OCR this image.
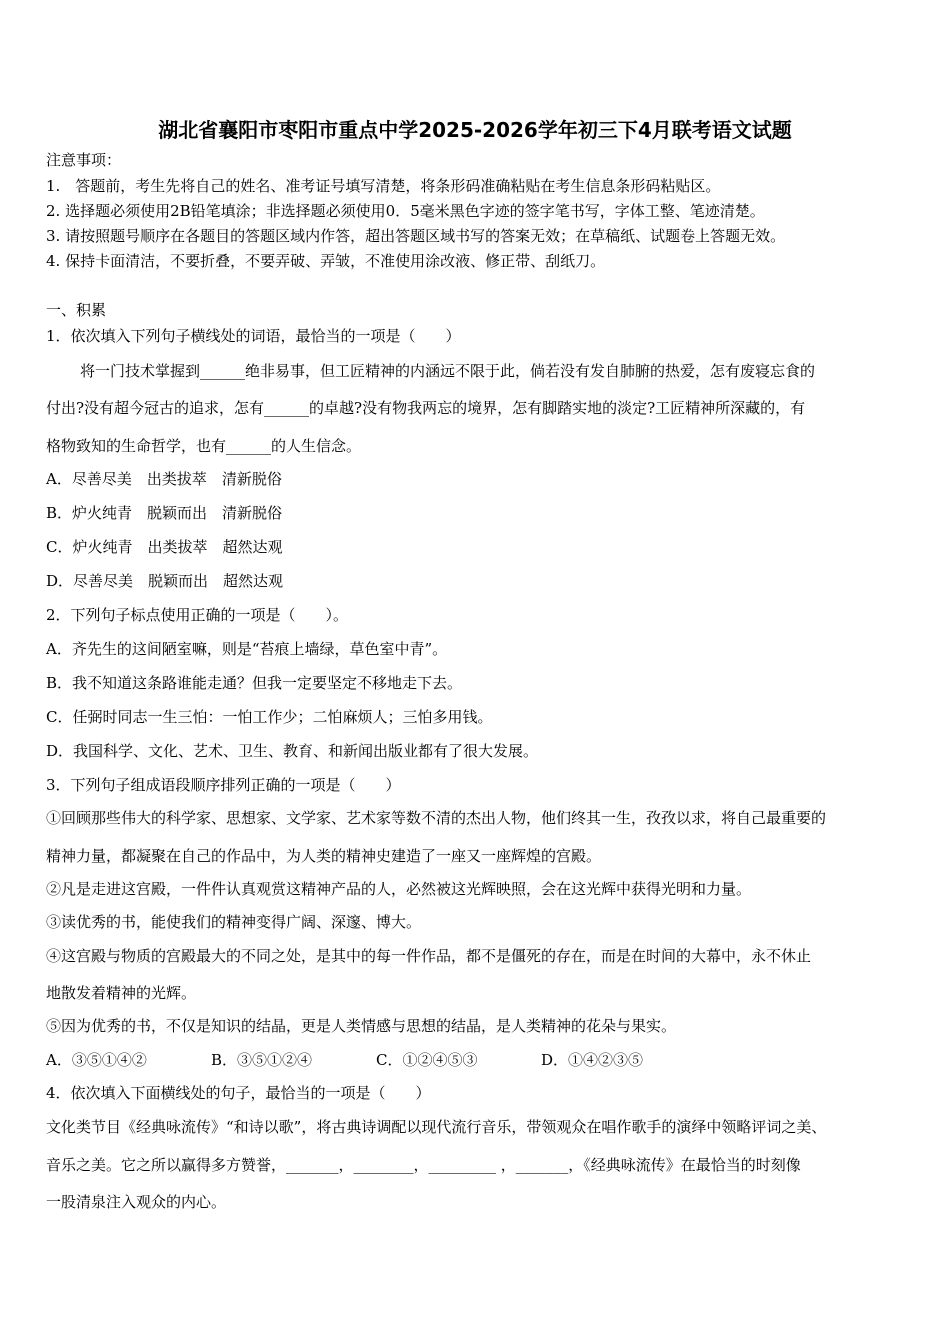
湖北省襄阳市枣阳市重点中学2025-2026学年初三下4月联考语文试题
注意事项：
1.　答题前，考生先将自己的姓名、准考证号填写清楚，将条形码准确粘贴在考生信息条形码粘贴区。
2. 选择题必须使用2B铅笔填涂；非选择题必须使用0．5毫米黑色字迹的签字笔书写，字体工整、笔迹清楚。
3. 请按照题号顺序在各题目的答题区域内作答，超出答题区域书写的答案无效；在草稿纸、试题卷上答题无效。
4. 保持卡面清洁，不要折叠，不要弄破、弄皱，不准使用涂改液、修正带、刮纸刀。
一、积累
1．依次填入下列句子横线处的词语，最恰当的一项是（　　）
将一门技术掌握到______绝非易事，但工匠精神的内涵远不限于此，倘若没有发自肺腑的热爱，怎有废寝忘食的
付出?没有超今冠古的追求，怎有______的卓越?没有物我两忘的境界，怎有脚踏实地的淡定?工匠精神所深藏的，有
格物致知的生命哲学，也有______的人生信念。
A．尽善尽美　出类拔萃　清新脱俗
B．炉火纯青　脱颖而出　清新脱俗
C．炉火纯青　出类拔萃　超然达观
D．尽善尽美　脱颖而出　超然达观
2．下列句子标点使用正确的一项是（　　）。
A．齐先生的这间陋室嘛，则是“苔痕上墙绿，草色室中青”。
B．我不知道这条路谁能走通？但我一定要坚定不移地走下去。
C．任弼时同志一生三怕：一怕工作少；二怕麻烦人；三怕多用钱。
D．我国科学、文化、艺术、卫生、教育、和新闻出版业都有了很大发展。
3．下列句子组成语段顺序排列正确的一项是（　　）
①回顾那些伟大的科学家、思想家、文学家、艺术家等数不清的杰出人物，他们终其一生，孜孜以求，将自己最重要的
精神力量，都凝聚在自己的作品中，为人类的精神史建造了一座又一座辉煌的宫殿。
②凡是走进这宫殿，一件件认真观赏这精神产品的人，必然被这光辉映照，会在这光辉中获得光明和力量。
③读优秀的书，能使我们的精神变得广阔、深邃、博大。
④这宫殿与物质的宫殿最大的不同之处，是其中的每一件作品，都不是僵死的存在，而是在时间的大幕中，永不休止
地散发着精神的光辉。
⑤因为优秀的书，不仅是知识的结晶，更是人类情感与思想的结晶，是人类精神的花朵与果实。
A．③⑤①④②	B．③⑤①②④	C．①②④⑤③	D．①④②③⑤
4．依次填入下面横线处的句子，最恰当的一项是（　　）
文化类节目《经典咏流传》“和诗以歌”，将古典诗调配以现代流行音乐，带领观众在唱作歌手的演绎中领略评词之美、
音乐之美。它之所以赢得多方赞誉，_______，________，_________ ，_______，《经典咏流传》在最恰当的时刻像
一股清泉注入观众的内心。
